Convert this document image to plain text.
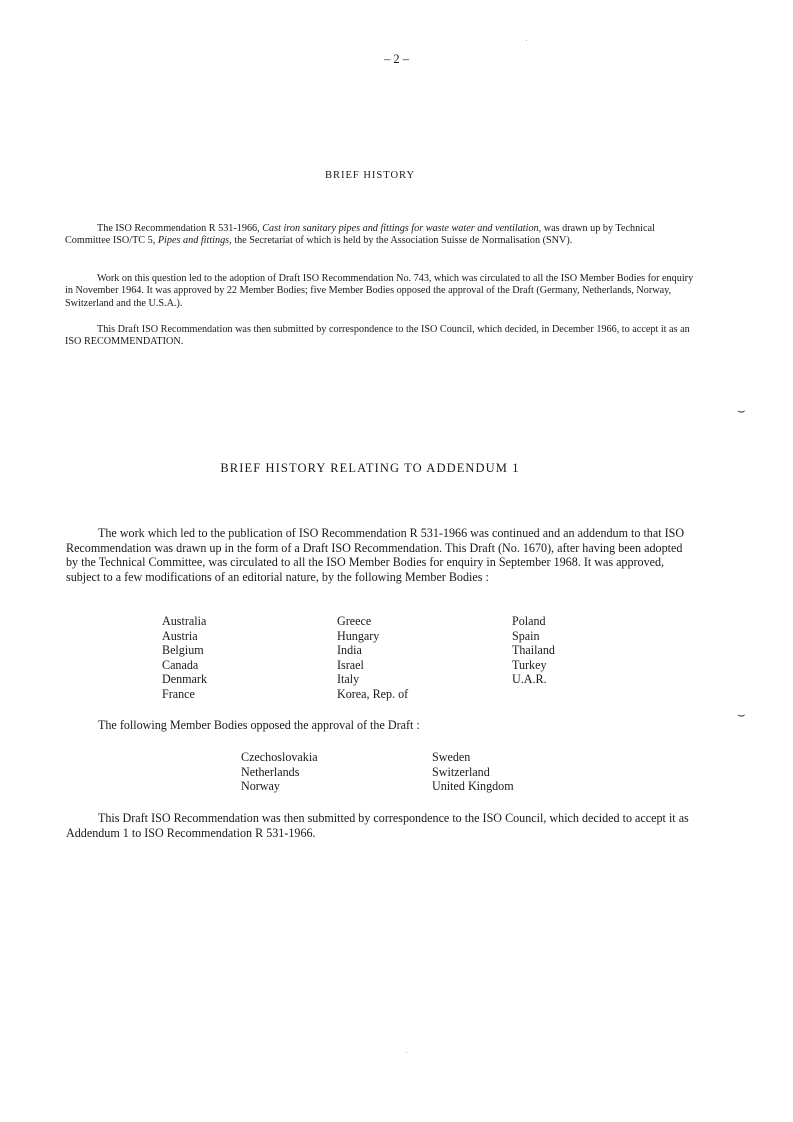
– 2 –
BRIEF HISTORY
The ISO Recommendation R 531-1966, Cast iron sanitary pipes and fittings for waste water and ventilation, was drawn up by Technical Committee ISO/TC 5, Pipes and fittings, the Secretariat of which is held by the Association Suisse de Normalisation (SNV).
Work on this question led to the adoption of Draft ISO Recommendation No. 743, which was circulated to all the ISO Member Bodies for enquiry in November 1964. It was approved by 22 Member Bodies; five Member Bodies opposed the approval of the Draft (Germany, Netherlands, Norway, Switzerland and the U.S.A.).
This Draft ISO Recommendation was then submitted by correspondence to the ISO Council, which decided, in December 1966, to accept it as an ISO RECOMMENDATION.
⌣
BRIEF HISTORY RELATING TO ADDENDUM 1
The work which led to the publication of ISO Recommendation R 531-1966 was continued and an addendum to that ISO Recommendation was drawn up in the form of a Draft ISO Recommendation. This Draft (No. 1670), after having been adopted by the Technical Committee, was circulated to all the ISO Member Bodies for enquiry in September 1968. It was approved, subject to a few modifications of an editorial nature, by the following Member Bodies :
Australia
Austria
Belgium
Canada
Denmark
France
Greece
Hungary
India
Israel
Italy
Korea, Rep. of
Poland
Spain
Thailand
Turkey
U.A.R.
The following Member Bodies opposed the approval of the Draft :
⌣
Czechoslovakia
Netherlands
Norway
Sweden
Switzerland
United Kingdom
This Draft ISO Recommendation was then submitted by correspondence to the ISO Council, which decided to accept it as Addendum 1 to ISO Recommendation R 531-1966.
